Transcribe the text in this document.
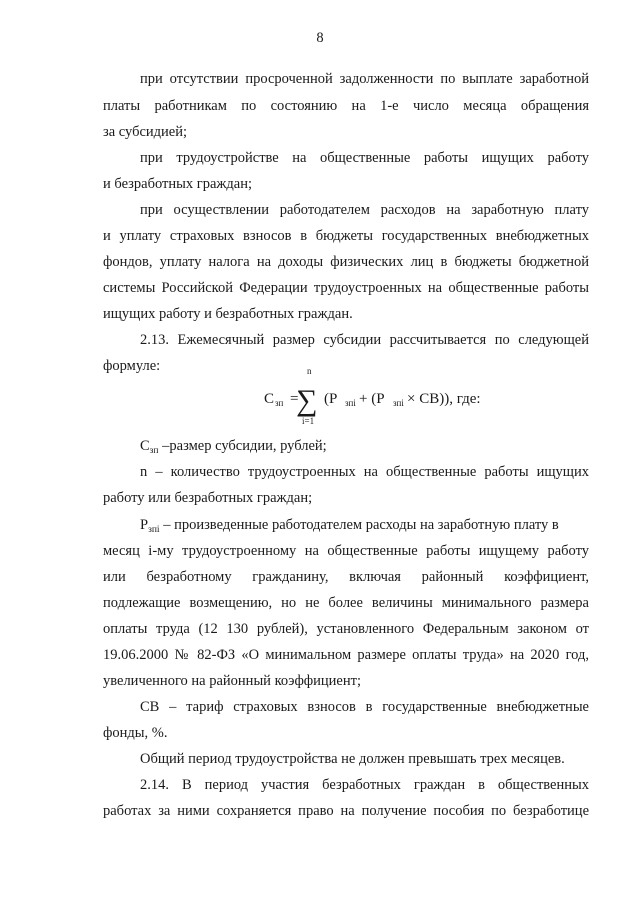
8
при отсутствии просроченной задолженности по выплате заработной
платы работникам по состоянию на 1-е число месяца обращения
за субсидией;
при трудоустройстве на общественные работы ищущих работу
и безработных граждан;
при осуществлении работодателем расходов на заработную плату
и уплату страховых взносов в бюджеты государственных внебюджетных
фондов, уплату налога на доходы физических лиц в бюджеты бюджетной
системы Российской Федерации трудоустроенных на общественные работы
ищущих работу и безработных граждан.
2.13. Ежемесячный размер субсидии рассчитывается по следующей
формуле:
С зп =
n
∑
i=1
(Р зпi + (Р зпi × СВ)), где:
$С_{зп}$ –размер субсидии, рублей;
n – количество трудоустроенных на общественные работы ищущих
работу или безработных граждан;
$Р_{зпi}$ – произведенные работодателем расходы на заработную плату в
месяц i-му трудоустроенному на общественные работы ищущему работу
или безработному гражданину, включая районный коэффициент,
подлежащие возмещению, но не более величины минимального размера
оплаты труда (12 130 рублей), установленного Федеральным законом от
19.06.2000 № 82-ФЗ «О минимальном размере оплаты труда» на 2020 год,
увеличенного на районный коэффициент;
СВ – тариф страховых взносов в государственные внебюджетные
фонды, %.
Общий период трудоустройства не должен превышать трех месяцев.
2.14. В период участия безработных граждан в общественных
работах за ними сохраняется право на получение пособия по безработице
